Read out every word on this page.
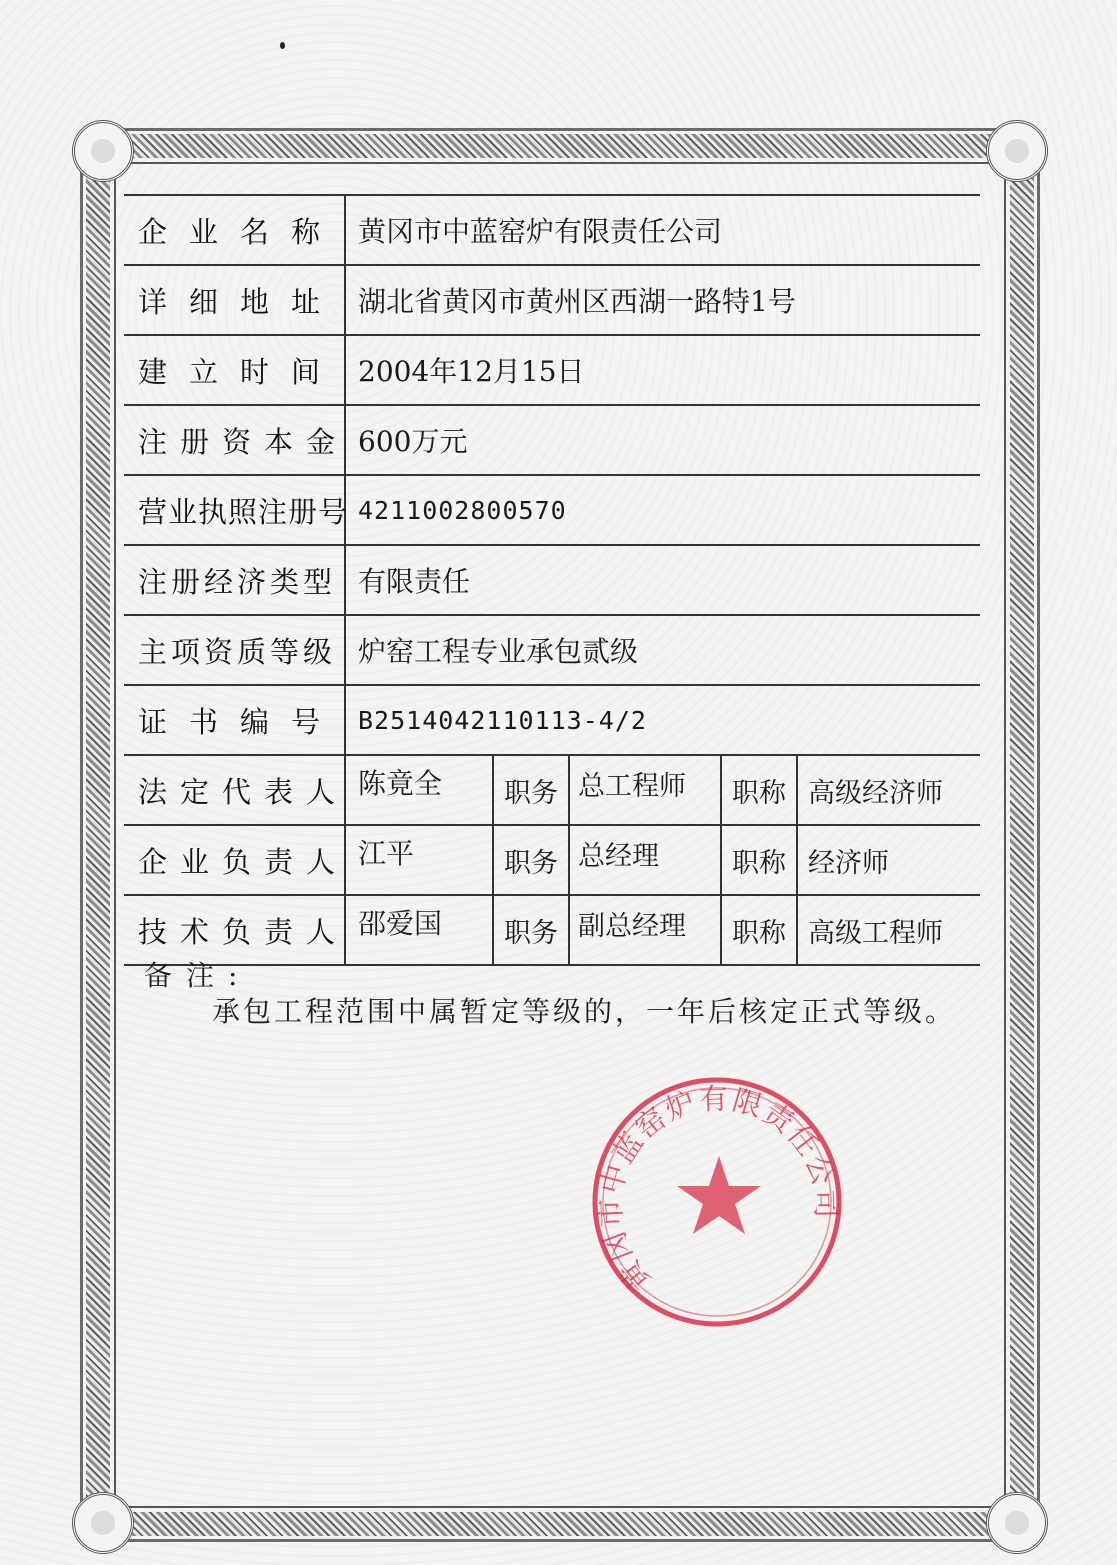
企业名称 黄冈市中蓝窑炉有限责任公司
详细地址 湖北省黄冈市黄州区西湖一路特1号
建立时间 2004年12月15日
注册资本金 600万元
营业执照注册号 4211002800570
注册经济类型 有限责任
主项资质等级 炉窑工程专业承包贰级
证书编号 B2514042110113-4/2
法定代表人 陈竟全	职务 总工程师	职称 高级经济师
企业负责人 江平	职务 总经理	职称 经济师
技术负责人 邵爱国	职务 副总经理	职称 高级工程师
备注:
承包工程范围中属暂定等级的，一年后核定正式等级。
黄冈市中蓝窑炉有限责任公司
